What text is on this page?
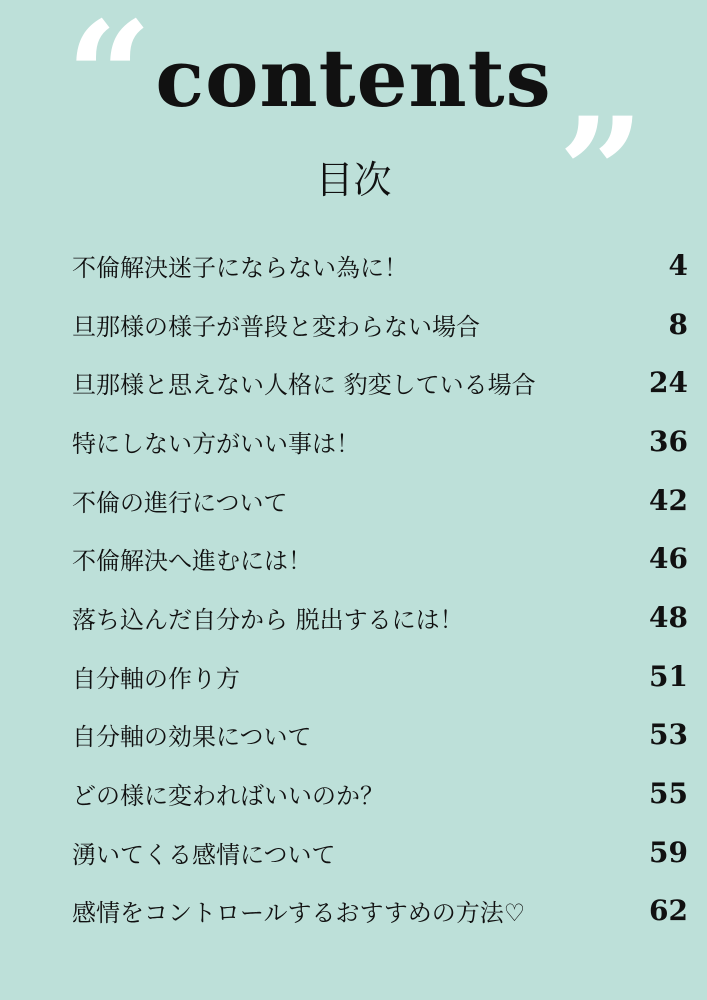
“ contents
”
目次
不倫解決迷子にならない為に！	4
旦那様の様子が普段と変わらない場合	8
旦那様と思えない人格に 豹変している場合	24
特にしない方がいい事は！	36
不倫の進行について	42
不倫解決へ進むには！	46
落ち込んだ自分から 脱出するには！	48
自分軸の作り方	51
自分軸の効果について	53
どの様に変わればいいのか？	55
湧いてくる感情について	59
感情をコントロールするおすすめの方法♡	62
